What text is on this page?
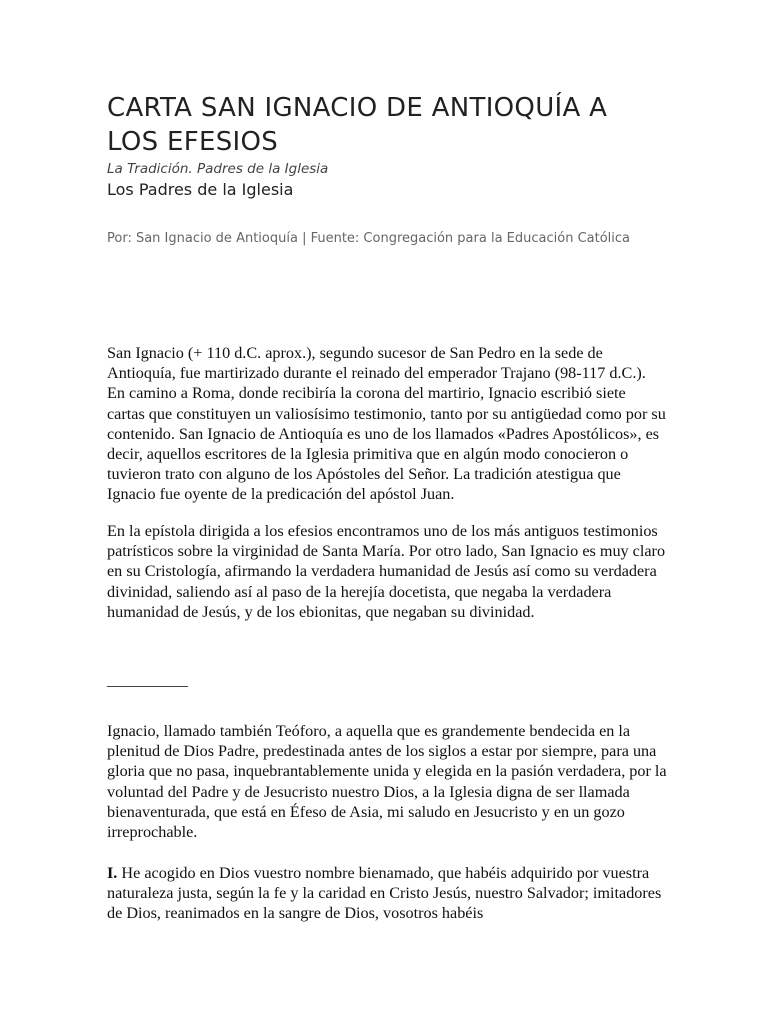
CARTA SAN IGNACIO DE ANTIOQUÍA A LOS EFESIOS
La Tradición. Padres de la Iglesia
Los Padres de la Iglesia
Por: San Ignacio de Antioquía | Fuente: Congregación para la Educación Católica

San Ignacio (+ 110 d.C. aprox.), segundo sucesor de San Pedro en la sede de Antioquía, fue martirizado durante el reinado del emperador Trajano (98-117 d.C.). En camino a Roma, donde recibiría la corona del martirio, Ignacio escribió siete cartas que constituyen un valiosísimo testimonio, tanto por su antigüedad como por su contenido. San Ignacio de Antioquía es uno de los llamados «Padres Apostólicos», es decir, aquellos escritores de la Iglesia primitiva que en algún modo conocieron o tuvieron trato con alguno de los Apóstoles del Señor. La tradición atestigua que Ignacio fue oyente de la predicación del apóstol Juan.

En la epístola dirigida a los efesios encontramos uno de los más antiguos testimonios patrísticos sobre la virginidad de Santa María. Por otro lado, San Ignacio es muy claro en su Cristología, afirmando la verdadera humanidad de Jesús así como su verdadera divinidad, saliendo así al paso de la herejía docetista, que negaba la verdadera humanidad de Jesús, y de los ebionitas, que negaban su divinidad.

__________

Ignacio, llamado también Teóforo, a aquella que es grandemente bendecida en la plenitud de Dios Padre, predestinada antes de los siglos a estar por siempre, para una gloria que no pasa, inquebrantablemente unida y elegida en la pasión verdadera, por la voluntad del Padre y de Jesucristo nuestro Dios, a la Iglesia digna de ser llamada bienaventurada, que está en Éfeso de Asia, mi saludo en Jesucristo y en un gozo irreprochable.

I. He acogido en Dios vuestro nombre bienamado, que habéis adquirido por vuestra naturaleza justa, según la fe y la caridad en Cristo Jesús, nuestro Salvador; imitadores de Dios, reanimados en la sangre de Dios, vosotros habéis
